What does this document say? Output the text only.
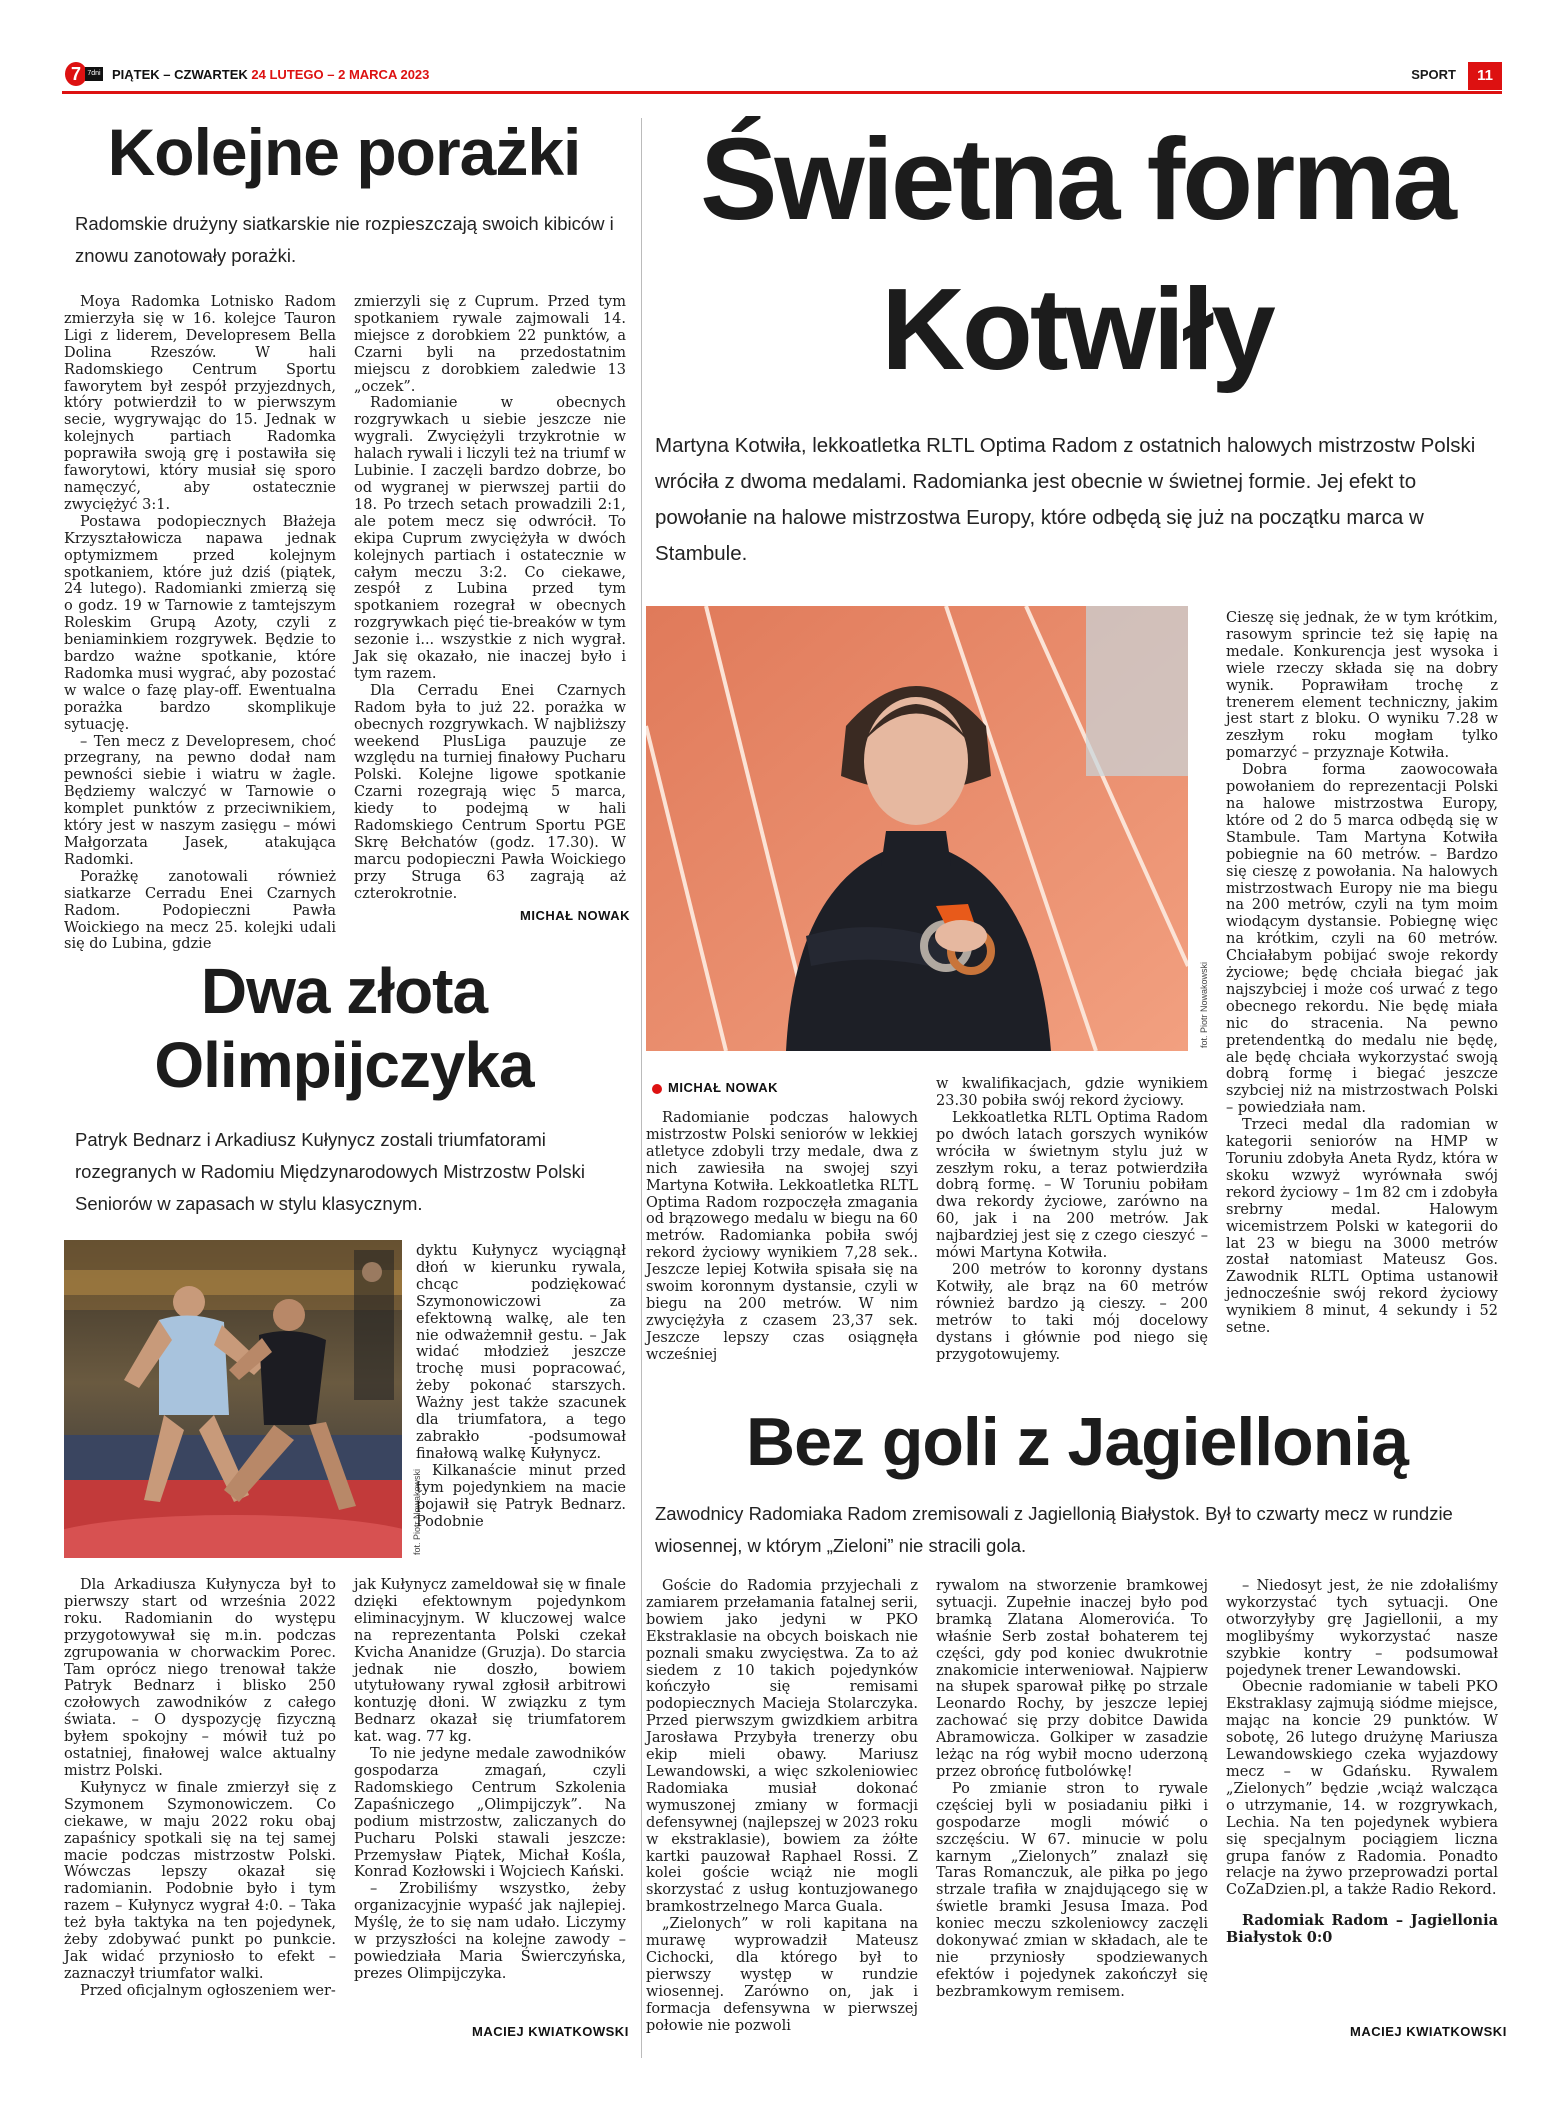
7 7dni PIĄTEK – CZWARTEK 24 LUTEGO – 2 MARCA 2023	SPORT	11
Kolejne porażki
Radomskie drużyny siatkarskie nie rozpieszczają swoich kibiców i znowu zanotowały porażki.

Moya Radomka Lotnisko Radom zmierzyła się w 16. kolejce Tauron Ligi z liderem, Developresem Bella Dolina Rzeszów. W hali Radomskiego Centrum Sportu faworytem był zespół przyjezdnych, który potwierdził to w pierwszym secie, wygrywając do 15. Jednak w kolejnych partiach Radomka poprawiła swoją grę i postawiła się faworytowi, który musiał się sporo namęczyć, aby ostatecznie zwyciężyć 3:1.

Postawa podopiecznych Błażeja Krzyształowicza napawa jednak optymizmem przed kolejnym spotkaniem, które już dziś (piątek, 24 lutego). Radomianki zmierzą się o godz. 19 w Tarnowie z tamtejszym Roleskim Grupą Azoty, czyli z beniaminkiem rozgrywek. Będzie to bardzo ważne spotkanie, które Radomka musi wygrać, aby pozostać w walce o fazę play-off. Ewentualna porażka bardzo skomplikuje sytuację.

– Ten mecz z Developresem, choć przegrany, na pewno dodał nam pewności siebie i wiatru w żagle. Będziemy walczyć w Tarnowie o komplet punktów z przeciwnikiem, który jest w naszym zasięgu – mówi Małgorzata Jasek, atakująca Radomki.

Porażkę zanotowali również siatkarze Cerradu Enei Czarnych Radom. Podopieczni Pawła Woickiego na mecz 25. kolejki udali się do Lubina, gdzie

zmierzyli się z Cuprum. Przed tym spotkaniem rywale zajmowali 14. miejsce z dorobkiem 22 punktów, a Czarni byli na przedostatnim miejscu z dorobkiem zaledwie 13 „oczek”.

Radomianie w obecnych rozgrywkach u siebie jeszcze nie wygrali. Zwyciężyli trzykrotnie w halach rywali i liczyli też na triumf w Lubinie. I zaczęli bardzo dobrze, bo od wygranej w pierwszej partii do 18. Po trzech setach prowadzili 2:1, ale potem mecz się odwrócił. To ekipa Cuprum zwyciężyła w dwóch kolejnych partiach i ostatecznie w całym meczu 3:2. Co ciekawe, zespół z Lubina przed tym spotkaniem rozegrał w obecnych rozgrywkach pięć tie-breaków w tym sezonie i... wszystkie z nich wygrał. Jak się okazało, nie inaczej było i tym razem.

Dla Cerradu Enei Czarnych Radom była to już 22. porażka w obecnych rozgrywkach. W najbliższy weekend PlusLiga pauzuje ze względu na turniej finałowy Pucharu Polski. Kolejne ligowe spotkanie Czarni rozegrają więc 5 marca, kiedy to podejmą w hali Radomskiego Centrum Sportu PGE Skrę Bełchatów (godz. 17.30). W marcu podopieczni Pawła Woickiego przy Struga 63 zagrają aż czterokrotnie.

MICHAŁ NOWAK
Dwa złota
Olimpijczyka
Patryk Bednarz i Arkadiusz Kułynycz zostali triumfatorami rozegranych w Radomiu Międzynarodowych Mistrzostw Polski Seniorów w zapasach w stylu klasycznym.
fot. Piotr Nowakowski

dyktu Kułynycz wyciągnął dłoń w kierunku rywala, chcąc podziękować Szymonowiczowi za efektowną walkę, ale ten nie odważemnił gestu. – Jak widać młodzież jeszcze trochę musi popracować, żeby pokonać starszych. Ważny jest także szacunek dla triumfatora, a tego zabrakło -podsumował finałową walkę Kułynycz.

Kilkanaście minut przed tym pojedynkiem na macie pojawił się Patryk Bednarz. Podobnie

Dla Arkadiusza Kułynycza był to pierwszy start od września 2022 roku. Radomianin do występu przygotowywał się m.in. podczas zgrupowania w chorwackim Porec. Tam oprócz niego trenował także Patryk Bednarz i blisko 250 czołowych zawodników z całego świata. – O dyspozycję fizyczną byłem spokojny – mówił tuż po ostatniej, finałowej walce aktualny mistrz Polski.

Kułynycz w finale zmierzył się z Szymonem Szymonowiczem. Co ciekawe, w maju 2022 roku obaj zapaśnicy spotkali się na tej samej macie podczas mistrzostw Polski. Wówczas lepszy okazał się radomianin. Podobnie było i tym razem – Kułynycz wygrał 4:0. – Taka też była taktyka na ten pojedynek, żeby zdobywać punkt po punkcie. Jak widać przyniosło to efekt – zaznaczył triumfator walki.

Przed oficjalnym ogłoszeniem wer-

jak Kułynycz zameldował się w finale dzięki efektownym pojedynkom eliminacyjnym. W kluczowej walce na reprezentanta Polski czekał Kvicha Ananidze (Gruzja). Do starcia jednak nie doszło, bowiem utytułowany rywal zgłosił arbitrowi kontuzję dłoni. W związku z tym Bednarz okazał się triumfatorem kat. wag. 77 kg.

To nie jedyne medale zawodników gospodarza zmagań, czyli Radomskiego Centrum Szkolenia Zapaśniczego „Olimpijczyk”. Na podium mistrzostw, zaliczanych do Pucharu Polski stawali jeszcze: Przemysław Piątek, Michał Kośla, Konrad Kozłowski i Wojciech Kański.

– Zrobiliśmy wszystko, żeby organizacyjnie wypaść jak najlepiej. Myślę, że to się nam udało. Liczymy w przyszłości na kolejne zawody – powiedziała Maria Świerczyńska, prezes Olimpijczyka.

MACIEJ KWIATKOWSKI
Świetna forma
Kotwiły
Martyna Kotwiła, lekkoatletka RLTL Optima Radom z ostatnich halowych mistrzostw Polski wróciła z dwoma medalami. Radomianka jest obecnie w świetnej formie. Jej efekt to powołanie na halowe mistrzostwa Europy, które odbędą się już na początku marca w Stambule.
fot. Piotr Nowakowski
MICHAŁ NOWAK

Radomianie podczas halowych mistrzostw Polski seniorów w lekkiej atletyce zdobyli trzy medale, dwa z nich zawiesiła na swojej szyi Martyna Kotwiła. Lekkoatletka RLTL Optima Radom rozpoczęła zmagania od brązowego medalu w biegu na 60 metrów. Radomianka pobiła swój rekord życiowy wynikiem 7,28 sek.. Jeszcze lepiej Kotwiła spisała się na swoim koronnym dystansie, czyli w biegu na 200 metrów. W nim zwyciężyła z czasem 23,37 sek. Jeszcze lepszy czas osiągnęła wcześniej

w kwalifikacjach, gdzie wynikiem 23.30 pobiła swój rekord życiowy.

Lekkoatletka RLTL Optima Radom po dwóch latach gorszych wyników wróciła w świetnym stylu już w zeszłym roku, a teraz potwierdziła dobrą formę. – W Toruniu pobiłam dwa rekordy życiowe, zarówno na 60, jak i na 200 metrów. Jak najbardziej jest się z czego cieszyć – mówi Martyna Kotwiła.

200 metrów to koronny dystans Kotwiły, ale brąz na 60 metrów również bardzo ją cieszy. – 200 metrów to taki mój docelowy dystans i głównie pod niego się przygotowujemy.

Cieszę się jednak, że w tym krótkim, rasowym sprincie też się łapię na medale. Konkurencja jest wysoka i wiele rzeczy składa się na dobry wynik. Poprawiłam trochę z trenerem element techniczny, jakim jest start z bloku. O wyniku 7.28 w zeszłym roku mogłam tylko pomarzyć – przyznaje Kotwiła.

Dobra forma zaowocowała powołaniem do reprezentacji Polski na halowe mistrzostwa Europy, które od 2 do 5 marca odbędą się w Stambule. Tam Martyna Kotwiła pobiegnie na 60 metrów. – Bardzo się cieszę z powołania. Na halowych mistrzostwach Europy nie ma biegu na 200 metrów, czyli na tym moim wiodącym dystansie. Pobiegnę więc na krótkim, czyli na 60 metrów. Chciałabym pobijać swoje rekordy życiowe; będę chciała biegać jak najszybciej i może coś urwać z tego obecnego rekordu. Nie będę miała nic do stracenia. Na pewno pretendentką do medalu nie będę, ale będę chciała wykorzystać swoją dobrą formę i biegać jeszcze szybciej niż na mistrzostwach Polski – powiedziała nam.

Trzeci medal dla radomian w kategorii seniorów na HMP w Toruniu zdobyła Aneta Rydz, która w skoku wzwyż wyrównała swój rekord życiowy – 1m 82 cm i zdobyła srebrny medal. Halowym wicemistrzem Polski w kategorii do lat 23 w biegu na 3000 metrów został natomiast Mateusz Gos. Zawodnik RLTL Optima ustanowił jednocześnie swój rekord życiowy wynikiem 8 minut, 4 sekundy i 52 setne.

Bez goli z Jagiellonią
Zawodnicy Radomiaka Radom zremisowali z Jagiellonią Białystok. Był to czwarty mecz w rundzie wiosennej, w którym „Zieloni” nie stracili gola.

Goście do Radomia przyjechali z zamiarem przełamania fatalnej serii, bowiem jako jedyni w PKO Ekstraklasie na obcych boiskach nie poznali smaku zwycięstwa. Za to aż siedem z 10 takich pojedynków kończyło się remisami podopiecznych Macieja Stolarczyka. Przed pierwszym gwizdkiem arbitra Jarosława Przybyła trenerzy obu ekip mieli obawy. Mariusz Lewandowski, a więc szkoleniowiec Radomiaka musiał dokonać wymuszonej zmiany w formacji defensywnej (najlepszej w 2023 roku w ekstraklasie), bowiem za żółte kartki pauzował Raphael Rossi. Z kolei goście wciąż nie mogli skorzystać z usług kontuzjowanego bramkostrzelnego Marca Guala.

„Zielonych” w roli kapitana na murawę wyprowadził Mateusz Cichocki, dla którego był to pierwszy występ w rundzie wiosennej. Zarówno on, jak i formacja defensywna w pierwszej połowie nie pozwoli

rywalom na stworzenie bramkowej sytuacji. Zupełnie inaczej było pod bramką Zlatana Alomerovića. To właśnie Serb został bohaterem tej części, gdy pod koniec dwukrotnie znakomicie interweniował. Najpierw na słupek sparował piłkę po strzale Leonardo Rochy, by jeszcze lepiej zachować się przy dobitce Dawida Abramowicza. Golkiper w zasadzie leżąc na róg wybił mocno uderzoną przez obrońcę futbolówkę!

Po zmianie stron to rywale częściej byli w posiadaniu piłki i gospodarze mogli mówić o szczęściu. W 67. minucie w polu karnym „Zielonych” znalazł się Taras Romanczuk, ale piłka po jego strzale trafiła w znajdującego się w świetle bramki Jesusa Imaza. Pod koniec meczu szkoleniowcy zaczęli dokonywać zmian w składach, ale te nie przyniosły spodziewanych efektów i pojedynek zakończył się bezbramkowym remisem.

– Niedosyt jest, że nie zdołaliśmy wykorzystać tych sytuacji. One otworzyłyby grę Jagiellonii, a my moglibyśmy wykorzystać nasze szybkie kontry – podsumował pojedynek trener Lewandowski.

Obecnie radomianie w tabeli PKO Ekstraklasy zajmują siódme miejsce, mając na koncie 29 punktów. W sobotę, 26 lutego drużynę Mariusza Lewandowskiego czeka wyjazdowy mecz – w Gdańsku. Rywalem „Zielonych” będzie ‚wciąż walcząca o utrzymanie, 14. w rozgrywkach, Lechia. Na ten pojedynek wybiera się specjalnym pociągiem liczna grupa fanów z Radomia. Ponadto relacje na żywo przeprowadzi portal CoZaDzien.pl, a także Radio Rekord.

Radomiak Radom – Jagiellonia Białystok 0:0

MACIEJ KWIATKOWSKI
